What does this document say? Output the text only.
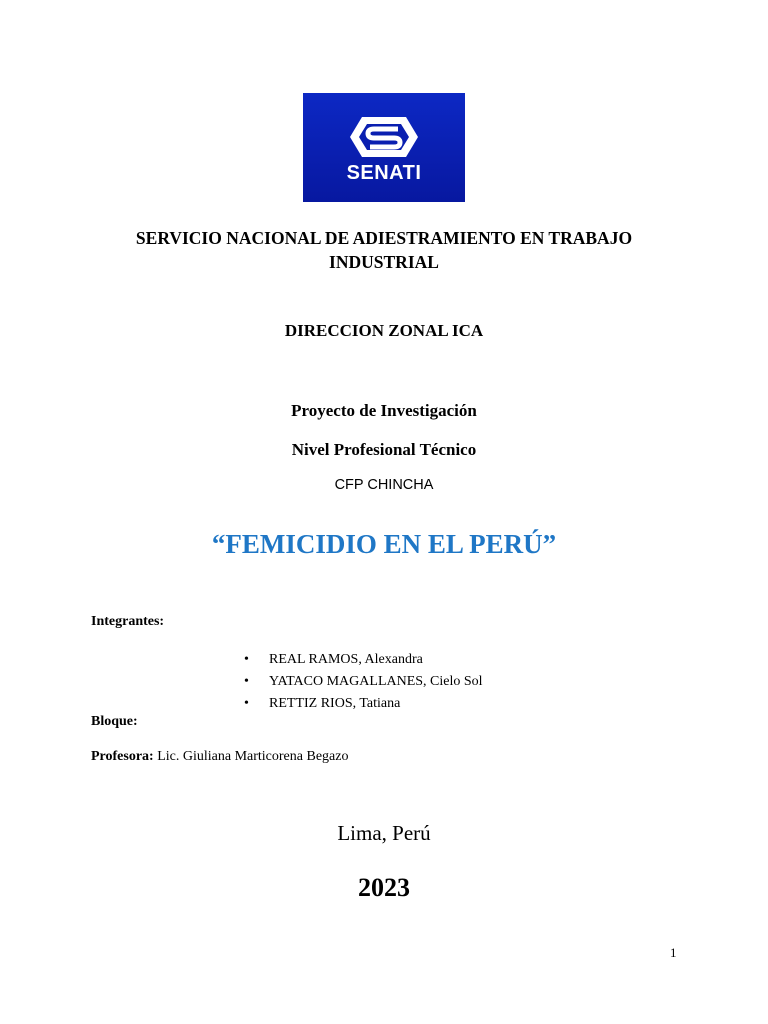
SENATI
SERVICIO NACIONAL DE ADIESTRAMIENTO EN TRABAJO
INDUSTRIAL
DIRECCION ZONAL ICA
Proyecto de Investigación
Nivel Profesional Técnico
CFP CHINCHA
“FEMICIDIO EN EL PERÚ”
Integrantes:
• REAL RAMOS, Alexandra
• YATACO MAGALLANES, Cielo Sol
• RETTIZ RIOS, Tatiana
Bloque:
Profesora: Lic. Giuliana Marticorena Begazo
Lima, Perú
2023
1
